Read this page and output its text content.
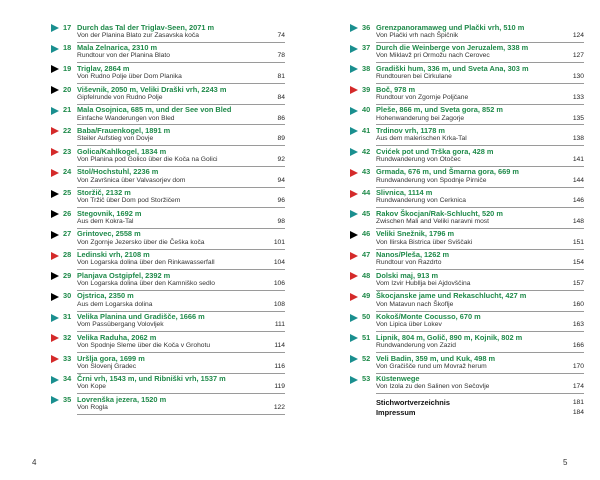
17 Durch das Tal der Triglav-Seen, 2071 m
Von der Planina Blato zur Zasavska koča	74
18 Mala Zelnarica, 2310 m
Rundtour von der Planina Blato	78
19 Triglav, 2864 m
Von Rudno Polje über Dom Planika	81
20 Viševnik, 2050 m, Veliki Draški vrh, 2243 m
Gipfelrunde von Rudno Polje	84
21 Mala Osojnica, 685 m, und der See von Bled
Einfache Wanderungen von Bled	86
22 Baba/Frauenkogel, 1891 m
Steiler Aufstieg von Dovje	89
23 Golica/Kahlkogel, 1834 m
Von Planina pod Golico über die Koča na Golici	92
24 Stol/Hochstuhl, 2236 m
Von Završnica über Valvasorjev dom	94
25 Storžič, 2132 m
Von Tržič über Dom pod Storžičem	96
26 Stegovnik, 1692 m
Aus dem Kokra-Tal	98
27 Grintovec, 2558 m
Von Zgornje Jezersko über die Češka koča	101
28 Ledinski vrh, 2108 m
Von Logarska dolina über den Rinkawasserfall	104
29 Planjava Ostgipfel, 2392 m
Von Logarska dolina über den Kamniško sedlo	106
30 Ojstrica, 2350 m
Aus dem Logarska dolina	108
31 Velika Planina und Gradišče, 1666 m
Vom Passübergang Volovljek	111
32 Velika Raduha, 2062 m
Von Spodnje Sleme über die Koča v Grohotu	114
33 Uršlja gora, 1699 m
Von Slovenj Gradec	116
34 Črni vrh, 1543 m, und Ribniški vrh, 1537 m
Von Kope	119
35 Lovrenška jezera, 1520 m
Von Rogla	122
36 Grenzpanoramaweg und Plački vrh, 510 m
Von Plački vrh nach Špičnik	124
37 Durch die Weinberge von Jeruzalem, 338 m
Von Miklavž pri Ormožu nach Cerovec	127
38 Gradiški hum, 336 m, und Sveta Ana, 303 m
Rundtouren bei Cirkulane	130
39 Boč, 978 m
Rundtour von Zgornje Poljčane	133
40 Pleše, 866 m, und Sveta gora, 852 m
Hohenwanderung bei Zagorje	135
41 Trdinov vrh, 1178 m
Aus dem malerischen Krka-Tal	138
42 Cvićek pot und Trška gora, 428 m
Rundwanderung von Otočec	141
43 Grmada, 676 m, und Šmarna gora, 669 m
Rundwanderung von Spodnje Pirniče	144
44 Slivnica, 1114 m
Rundwanderung von Cerknica	146
45 Rakov Škocjan/Rak-Schlucht, 520 m
Zwischen Mali and Veliki naravni most	148
46 Veliki Snežnik, 1796 m
Von Ilirska Bistrica über Sviščaki	151
47 Nanos/Pleša, 1262 m
Rundtour von Razdrto	154
48 Dolski maj, 913 m
Vom Izvir Hubllja bei Ajdovščina	157
49 Škocjanske jame und Rekaschlucht, 427 m
Von Matavun nach Škoflje	160
50 Kokoš/Monte Cocusso, 670 m
Von Lipica über Lokev	163
51 Lipnik, 804 m, Golič, 890 m, Kojnik, 802 m
Rundwanderung von Zazid	166
52 Veli Badin, 359 m, und Kuk, 498 m
Von Gračišče rund um Movraž herum	170
53 Küstenwege
Von Izola zu den Salinen von Sečovlje	174
Stichwortverzeichnis	181
Impressum	184
4	5
